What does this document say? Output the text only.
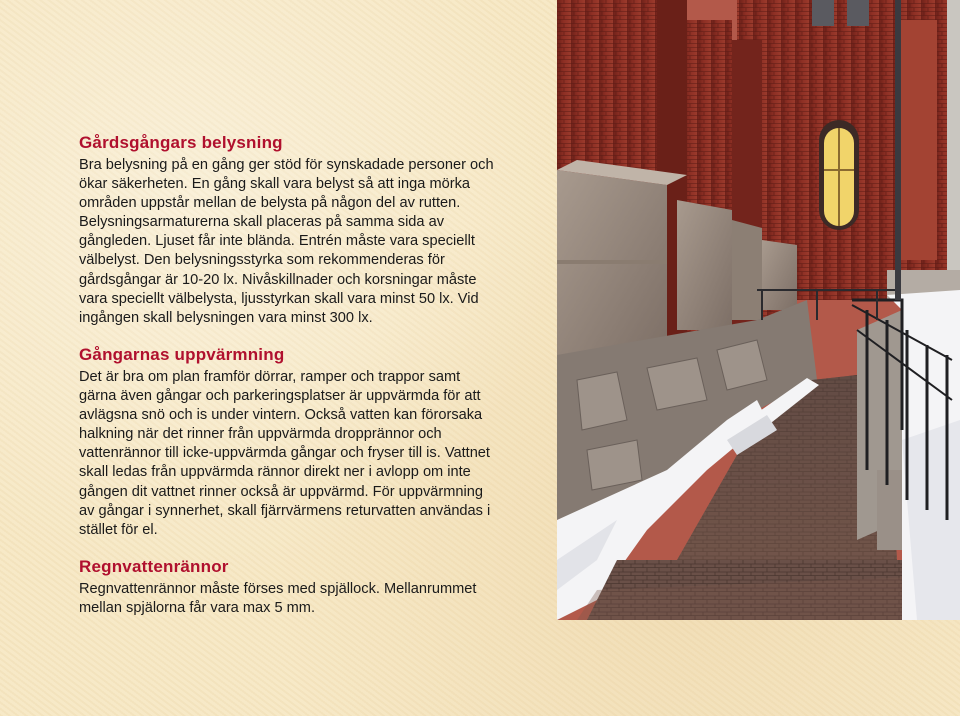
Gårdsgångars belysning

Bra belysning på en gång ger stöd för synskadade personer och
ökar säkerheten. En gång skall vara belyst så att inga mörka
områden uppstår mellan de belysta på någon del av rutten.
Belysningsarmaturerna skall placeras på samma sida av
gångleden. Ljuset får inte blända. Entrén måste vara speciellt
välbelyst. Den belysningsstyrka som rekommenderas för
gårdsgångar är 10-20 lx. Nivåskillnader och korsningar måste
vara speciellt välbelysta, ljusstyrkan skall vara minst 50 lx. Vid
ingången skall belysningen vara minst 300 lx.

Gångarnas uppvärmning

Det är bra om plan framför dörrar, ramper och trappor samt
gärna även gångar och parkeringsplatser är uppvärmda för att
avlägsna snö och is under vintern. Också vatten kan förorsaka
halkning när det rinner från uppvärmda dropprännor och
vattenrännor till icke-uppvärmda gångar och fryser till is. Vattnet
skall ledas från uppvärmda rännor direkt ner i avlopp om inte
gången dit vattnet rinner också är uppvärmd. För uppvärmning
av gångar i synnerhet, skall fjärrvärmens returvatten användas i
stället för el.

Regnvattenrännor

Regnvattenrännor måste förses med spjällock. Mellanrummet
mellan spjälorna får vara max 5 mm.
